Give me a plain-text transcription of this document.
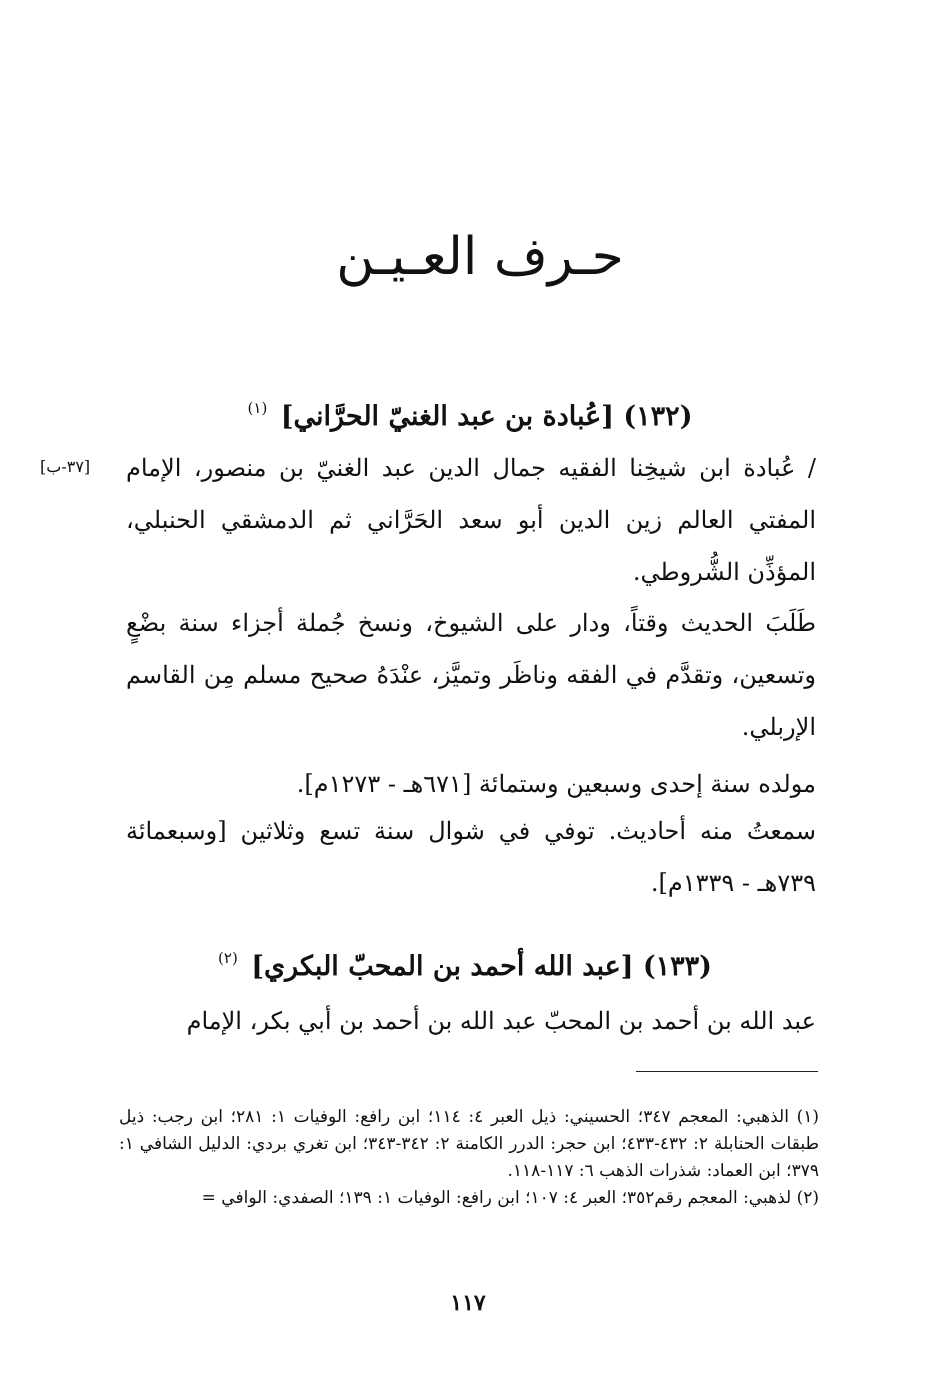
حـرف العـيـن
(١٣٢) [عُبادة بن عبد الغنيّ الحرَّاني] $^{(١)}$
[٣٧-ب] / عُبادة ابن شيخِنا الفقيه جمال الدين عبد الغنيّ بن منصور، الإمام المفتي العالم زين الدين أبو سعد الحَرَّاني ثم الدمشقي الحنبلي، المؤذِّن الشُّروطي.

طَلَبَ الحديث وقتاً، ودار على الشيوخ، ونسخ جُملة أجزاء سنة بضْعٍ وتسعين، وتقدَّم في الفقه وناظَر وتميَّز، عنْدَهُ صحيح مسلم مِن القاسم الإربلي.

مولده سنة إحدى وسبعين وستمائة [٦٧١هـ - ١٢٧٣م].

سمعتُ منه أحاديث. توفي في شوال سنة تسع وثلاثين [وسبعمائة ٧٣٩هـ - ١٣٣٩م].

(١٣٣) [عبد الله أحمد بن المحبّ البكري] $^{(٢)}$

عبد الله بن أحمد بن المحبّ عبد الله بن أحمد بن أبي بكر، الإمام

(١) الذهبي: المعجم ٣٤٧؛ الحسيني: ذيل العبر ٤: ١١٤؛ ابن رافع: الوفيات ١: ٢٨١؛ ابن رجب: ذيل طبقات الحنابلة ٢: ٤٣٢-٤٣٣؛ ابن حجر: الدرر الكامنة ٢: ٣٤٢-٣٤٣؛ ابن تغري بردي: الدليل الشافي ١: ٣٧٩؛ ابن العماد: شذرات الذهب ٦: ١١٧-١١٨.

(٢) لذهبي: المعجم رقم٣٥٢؛ العبر ٤: ١٠٧؛ ابن رافع: الوفيات ١: ١٣٩؛ الصفدي: الوافي =

١١٧
